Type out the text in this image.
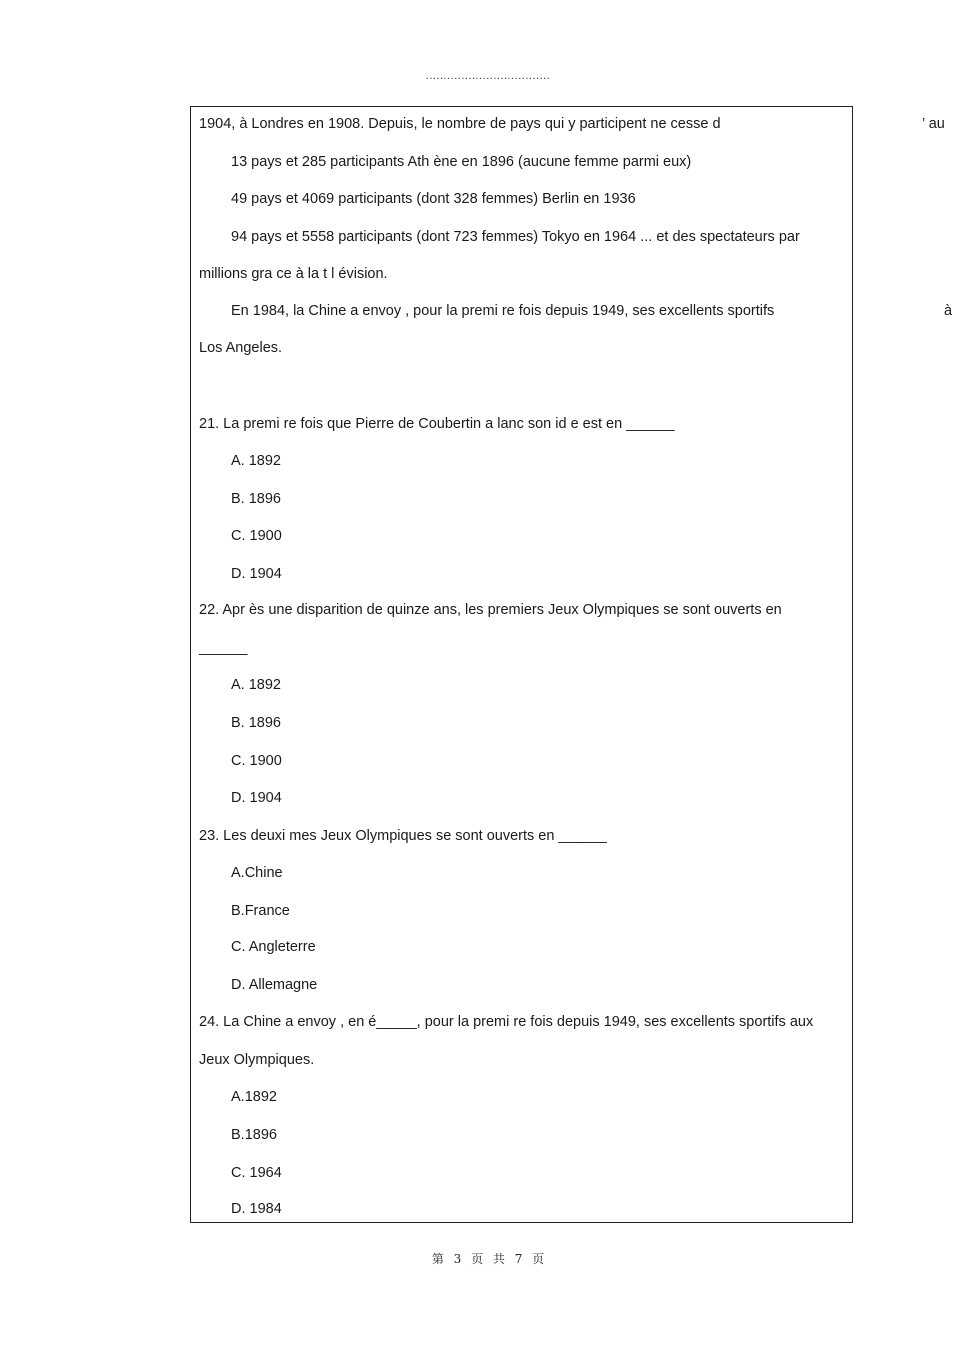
...................................
1904, à Londres en 1908. Depuis, le nombre de pays qui y participent ne cesse d	’ au
13 pays et 285 participants Ath ène en 1896 (aucune femme parmi eux)
49 pays et 4069 participants (dont 328 femmes) Berlin en 1936
94 pays et 5558 participants (dont 723 femmes) Tokyo en 1964 ... et des spectateurs par
millions gra ce à la t l évision.
En 1984, la Chine a envoy , pour la premi re fois depuis 1949, ses excellents sportifs	à
Los Angeles.
21. La premi re fois que Pierre de Coubertin a lanc son id e est en ______
A. 1892
B. 1896
C. 1900
D. 1904
22. Apr ès une disparition de quinze ans, les premiers Jeux Olympiques se sont ouverts en
______
A. 1892
B. 1896
C. 1900
D. 1904
23. Les deuxi mes Jeux Olympiques se sont ouverts en ______
A.Chine
B.France
C. Angleterre
D. Allemagne
24. La Chine a envoy , en é_____, pour la premi re fois depuis 1949, ses excellents sportifs aux
Jeux Olympiques.
A.1892
B.1896
C. 1964
D. 1984
第 3 页 共 7 页
